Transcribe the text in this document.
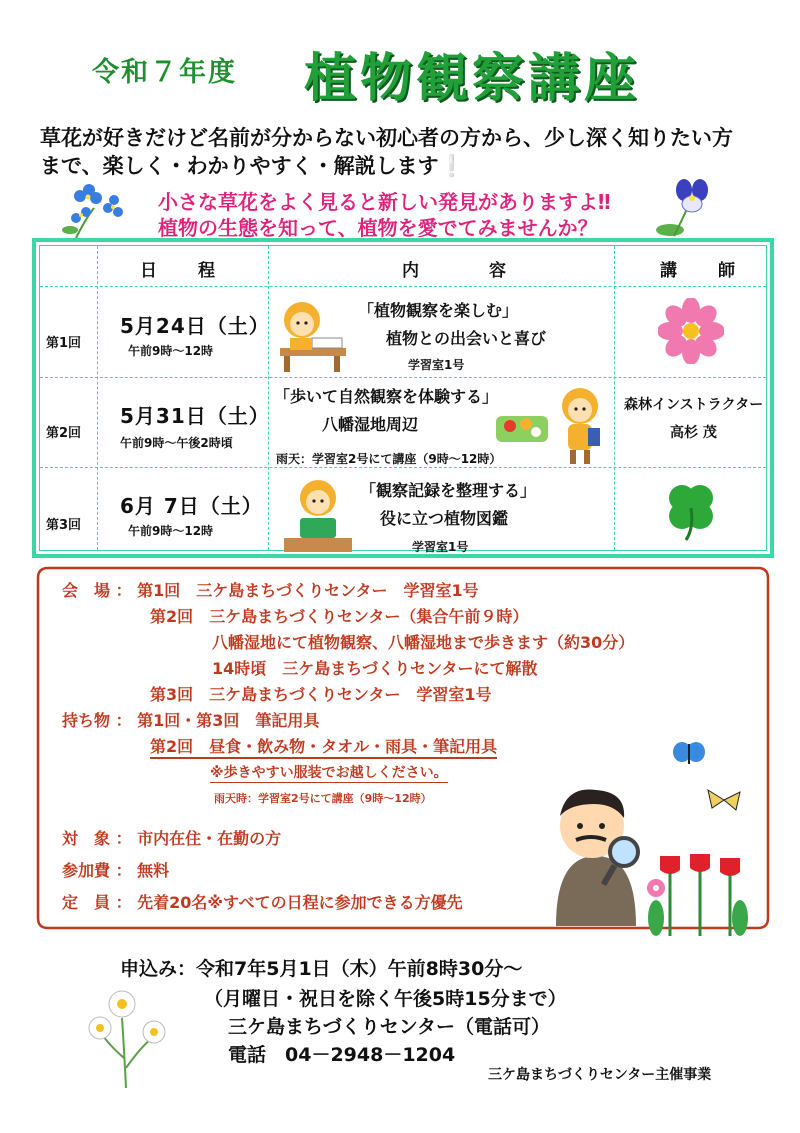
令和７年度 植物観察講座
草花が好きだけど名前が分からない初心者の方から、少し深く知りたい方
まで、楽しく・わかりやすく・解説します❕
小さな草花をよく見ると新しい発見がありますよ‼
植物の生態を知って、植物を愛でてみませんか？
日　程	内　　容	講　師
第1回
5月24日（土）
午前9時～12時
「植物観察を楽しむ」
植物との出会いと喜び
学習室1号
第2回
5月31日（土）
午前9時～午後2時頃
「歩いて自然観察を体験する」
八幡湿地周辺
雨天：学習室2号にて講座（9時～12時）
第3回
6月 7日（土）
午前9時～12時
「観察記録を整理する」
役に立つ植物図鑑
学習室1号
森林インストラクター
高杉 茂
会　場 ： 第1回　三ケ島まちづくりセンター　学習室1号
第2回　三ケ島まちづくりセンター（集合午前９時）
八幡湿地にて植物観察、八幡湿地まで歩きます（約30分）
14時頃　三ケ島まちづくりセンターにて解散
第3回　三ケ島まちづくりセンター　学習室1号
持ち物 ： 第1回・第3回　筆記用具
第2回　昼食・飲み物・タオル・雨具・筆記用具
※歩きやすい服装でお越しください。
雨天時：学習室2号にて講座（9時～12時）
対　象 ： 市内在住・在勤の方
参加費 ： 無料
定　員 ： 先着20名※すべての日程に参加できる方優先
申込み：令和7年5月1日（木）午前8時30分～
（月曜日・祝日を除く午後5時15分まで）
三ケ島まちづくりセンター（電話可）
電話　04－2948－1204
三ケ島まちづくりセンター主催事業
